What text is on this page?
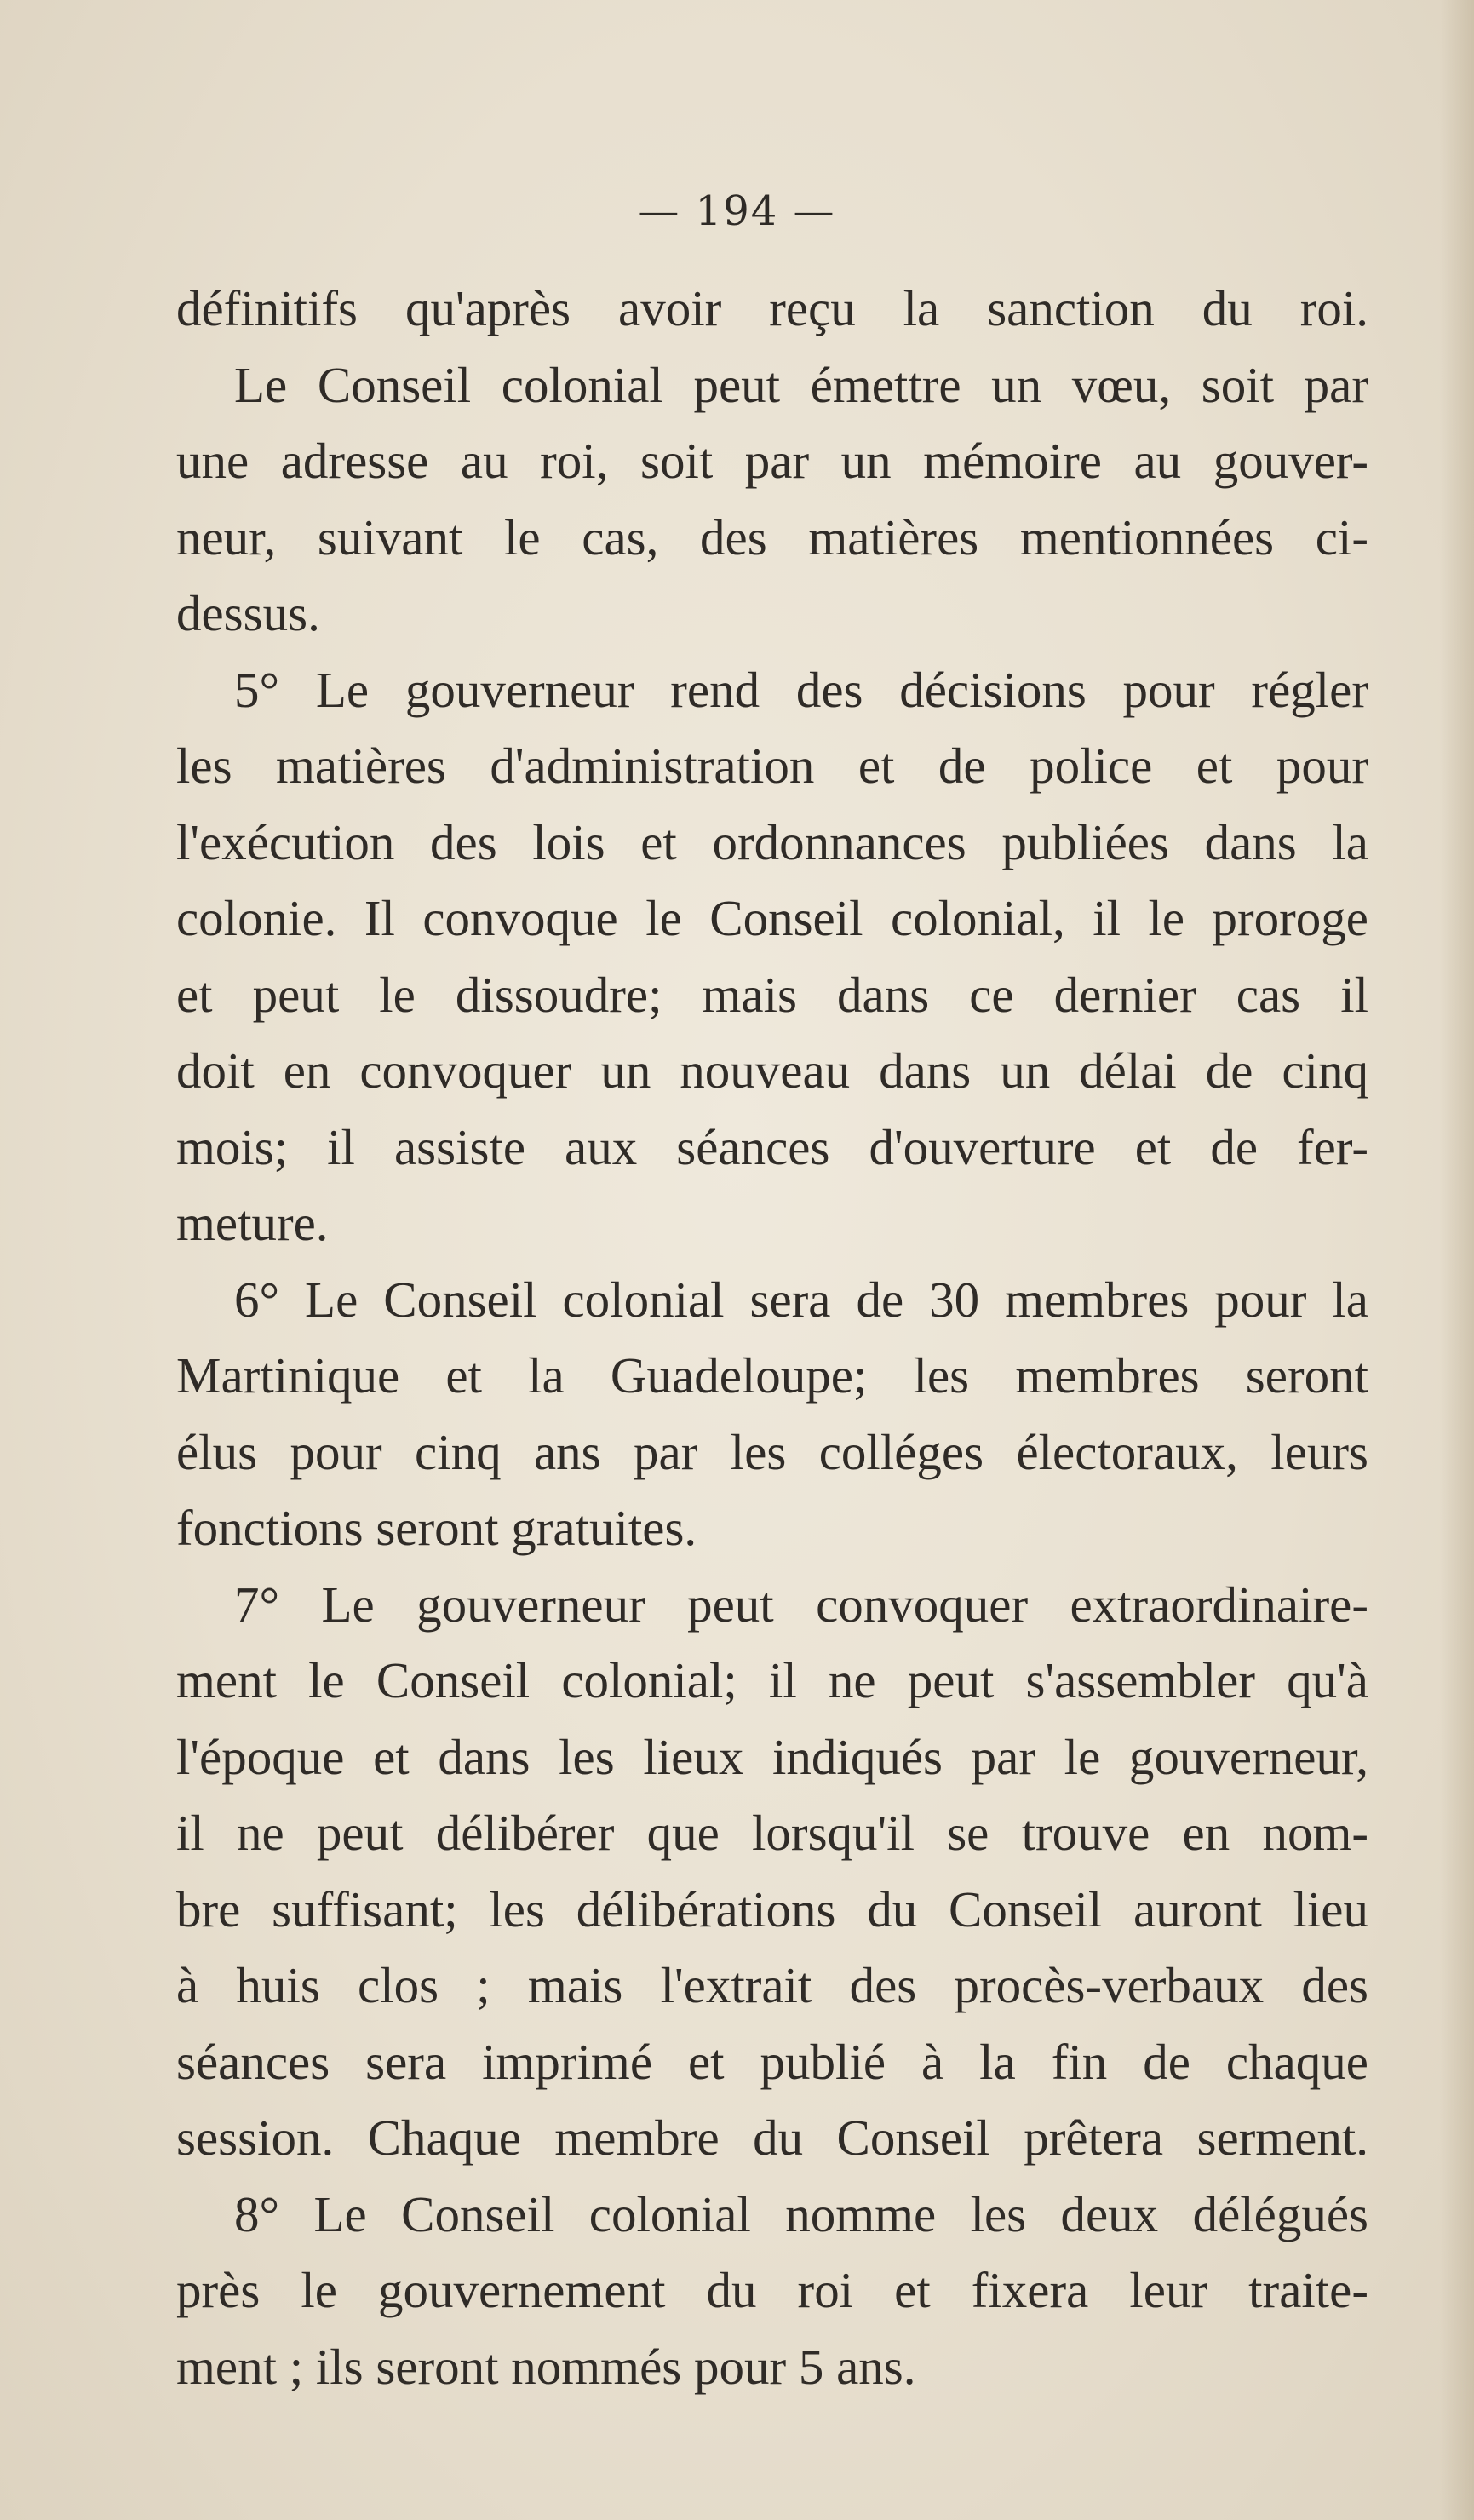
— 194 —
définitifs qu'après avoir reçu la sanction du roi.
Le Conseil colonial peut émettre un vœu, soit par
une adresse au roi, soit par un mémoire au gouver-
neur, suivant le cas, des matières mentionnées ci-
dessus.
5° Le gouverneur rend des décisions pour régler
les matières d'administration et de police et pour
l'exécution des lois et ordonnances publiées dans la
colonie. Il convoque le Conseil colonial, il le proroge
et peut le dissoudre; mais dans ce dernier cas il
doit en convoquer un nouveau dans un délai de cinq
mois; il assiste aux séances d'ouverture et de fer-
meture.
6° Le Conseil colonial sera de 30 membres pour la
Martinique et la Guadeloupe; les membres seront
élus pour cinq ans par les colléges électoraux, leurs
fonctions seront gratuites.
7° Le gouverneur peut convoquer extraordinaire-
ment le Conseil colonial; il ne peut s'assembler qu'à
l'époque et dans les lieux indiqués par le gouverneur,
il ne peut délibérer que lorsqu'il se trouve en nom-
bre suffisant; les délibérations du Conseil auront lieu
à huis clos ; mais l'extrait des procès-verbaux des
séances sera imprimé et publié à la fin de chaque
session. Chaque membre du Conseil prêtera serment.
8° Le Conseil colonial nomme les deux délégués
près le gouvernement du roi et fixera leur traite-
ment ; ils seront nommés pour 5 ans.
